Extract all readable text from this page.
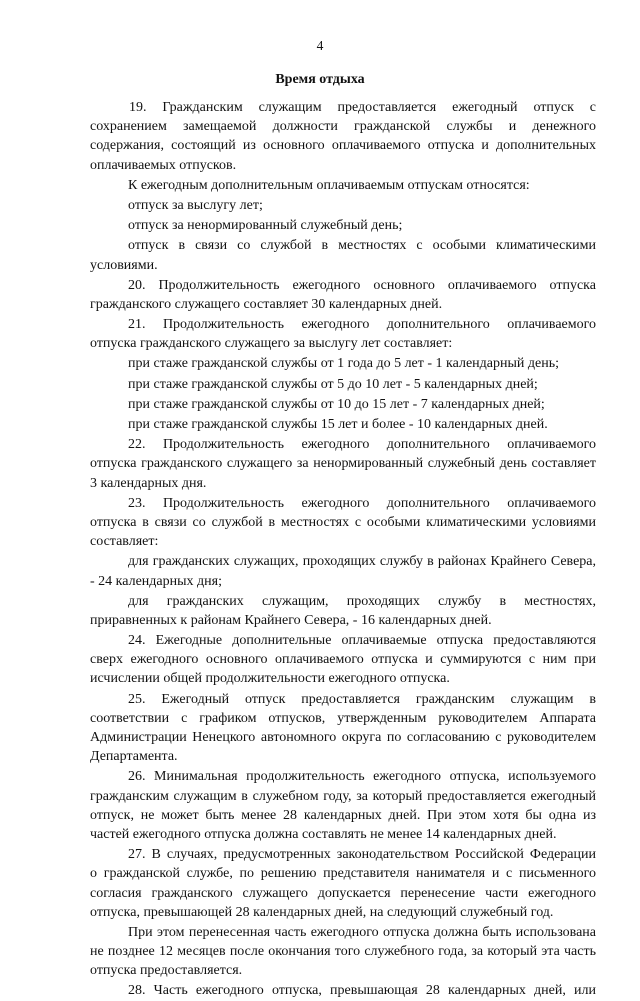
4
Время отдыха
19. Гражданским служащим предоставляется ежегодный отпуск с
сохранением замещаемой должности гражданской службы и денежного
содержания, состоящий из основного оплачиваемого отпуска и дополнительных
оплачиваемых отпусков.
К ежегодным дополнительным оплачиваемым отпускам относятся:
отпуск за выслугу лет;
отпуск за ненормированный служебный день;
отпуск в связи со службой в местностях с особыми климатическими
условиями.
20. Продолжительность ежегодного основного оплачиваемого отпуска
гражданского служащего составляет 30 календарных дней.
21. Продолжительность ежегодного дополнительного оплачиваемого
отпуска гражданского служащего за выслугу лет составляет:
при стаже гражданской службы от 1 года до 5 лет - 1 календарный день;
при стаже гражданской службы от 5 до 10 лет - 5 календарных дней;
при стаже гражданской службы от 10 до 15 лет - 7 календарных дней;
при стаже гражданской службы 15 лет и более - 10 календарных дней.
22. Продолжительность ежегодного дополнительного оплачиваемого
отпуска гражданского служащего за ненормированный служебный день составляет
3 календарных дня.
23. Продолжительность ежегодного дополнительного оплачиваемого
отпуска в связи со службой в местностях с особыми климатическими условиями
составляет:
для гражданских служащих, проходящих службу в районах Крайнего Севера,
- 24 календарных дня;
для гражданских служащим, проходящих службу в местностях,
приравненных к районам Крайнего Севера, - 16 календарных дней.
24. Ежегодные дополнительные оплачиваемые отпуска предоставляются
сверх ежегодного основного оплачиваемого отпуска и суммируются с ним при
исчислении общей продолжительности ежегодного отпуска.
25. Ежегодный отпуск предоставляется гражданским служащим в
соответствии с графиком отпусков, утвержденным руководителем Аппарата
Администрации Ненецкого автономного округа по согласованию с руководителем
Департамента.
26. Минимальная продолжительность ежегодного отпуска, используемого
гражданским служащим в служебном году, за который предоставляется ежегодный
отпуск, не может быть менее 28 календарных дней. При этом хотя бы одна из
частей ежегодного отпуска должна составлять не менее 14 календарных дней.
27. В случаях, предусмотренных законодательством Российской Федерации
о гражданской службе, по решению представителя нанимателя и с письменного
согласия гражданского служащего допускается перенесение части ежегодного
отпуска, превышающей 28 календарных дней, на следующий служебный год.
При этом перенесенная часть ежегодного отпуска должна быть использована
не позднее 12 месяцев после окончания того служебного года, за который эта часть
отпуска предоставляется.
28. Часть ежегодного отпуска, превышающая 28 календарных дней, или
